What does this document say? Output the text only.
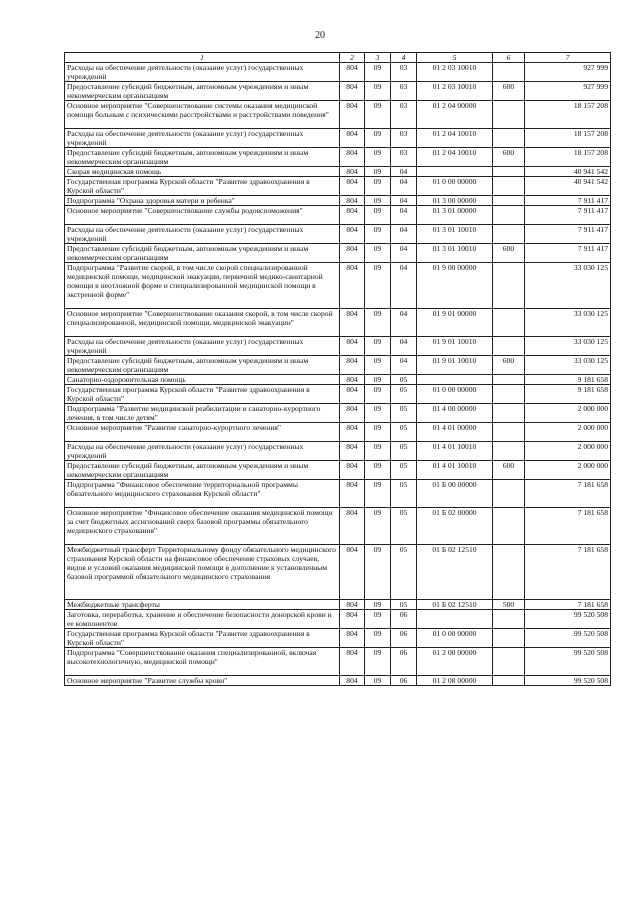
20
1	2	3	4	5	6	7
Расходы на обеспечение деятельности (оказание услуг) государственных учреждений	804	09	03	01 2 03 10010		927 999
Предоставление субсидий бюджетным, автономным учреждениям и иным некоммерческим организациям	804	09	03	01 2 03 10010	600	927 999
Основное мероприятие "Совершенствование системы оказания медицинской помощи больным с психическими расстройствами и расстройствами поведения"	804	09	03	01 2 04 00000		18 157 208
Расходы на обеспечение деятельности (оказание услуг) государственных учреждений	804	09	03	01 2 04 10010		18 157 208
Предоставление субсидий бюджетным, автономным учреждениям и иным некоммерческим организациям	804	09	03	01 2 04 10010	600	18 157 208
Скорая медицинская помощь	804	09	04			40 941 542
Государственная программа Курской области "Развитие здравоохранения в Курской области"	804	09	04	01 0 00 00000		40 941 542
Подпрограмма "Охрана здоровья матери и ребенка"	804	09	04	01 3 00 00000		7 911 417
Основное мероприятие "Совершенствование службы родовспоможения"	804	09	04	01 3 01 00000		7 911 417
Расходы на обеспечение деятельности (оказание услуг) государственных учреждений	804	09	04	01 3 01 10010		7 911 417
Предоставление субсидий бюджетным, автономным учреждениям и иным некоммерческим организациям	804	09	04	01 3 01 10010	600	7 911 417
Подпрограмма "Развитие скорой, в том числе скорой специализированной медицинской помощи, медицинской эвакуации, первичной медико-санитарной помощи в неотложной форме и специализированной медицинской помощи в экстренной форме"	804	09	04	01 9 00 00000		33 030 125
Основное мероприятие "Совершенствование оказания скорой, в том числе скорой специализированной, медицинской помощи, медицинской эвакуации"	804	09	04	01 9 01 00000		33 030 125
Расходы на обеспечение деятельности (оказание услуг) государственных учреждений	804	09	04	01 9 01 10010		33 030 125
Предоставление субсидий бюджетным, автономным учреждениям и иным некоммерческим организациям	804	09	04	01 9 01 10010	600	33 030 125
Санаторно-оздоровительная помощь	804	09	05			9 181 658
Государственная программа Курской области "Развитие здравоохранения в Курской области"	804	09	05	01 0 00 00000		9 181 658
Подпрограмма "Развитие медицинской реабилитации и санаторно-курортного лечения, в том числе детям"	804	09	05	01 4 00 00000		2 000 000
Основное мероприятие "Развитие санаторно-курортного лечения"	804	09	05	01 4 01 00000		2 000 000
Расходы на обеспечение деятельности (оказание услуг) государственных учреждений	804	09	05	01 4 01 10010		2 000 000
Предоставление субсидий бюджетным, автономным учреждениям и иным некоммерческим организациям	804	09	05	01 4 01 10010	600	2 000 000
Подпрограмма "Финансовое обеспечение территориальной программы обязательного медицинского страхования Курской области"	804	09	05	01 Б 00 00000		7 181 658
Основное мероприятие "Финансовое обеспечение оказания медицинской помощи за счет бюджетных ассигнований сверх базовой программы обязательного медицинского страхования"	804	09	05	01 Б 02 00000		7 181 658
Межбюджетный трансферт Территориальному фонду обязательного медицинского страхования Курской области на финансовое обеспечение страховых случаев, видов и условий оказания медицинской помощи в дополнение к установленным базовой программой обязательного медицинского страхования	804	09	05	01 Б 02 12510		7 181 658
Межбюджетные трансферты	804	09	05	01 Б 02 12510	500	7 181 658
Заготовка, переработка, хранение и обеспечение безопасности донорской крови и ее компонентов	804	09	06			99 520 508
Государственная программа Курской области "Развитие здравоохранения в Курской области"	804	09	06	01 0 00 00000		99 520 508
Подпрограмма "Совершенствование оказания специализированной, включая высокотехнологичную, медицинской помощи"	804	09	06	01 2 00 00000		99 520 508
Основное мероприятие "Развитие службы крови"	804	09	06	01 2 08 00000		99 520 508
